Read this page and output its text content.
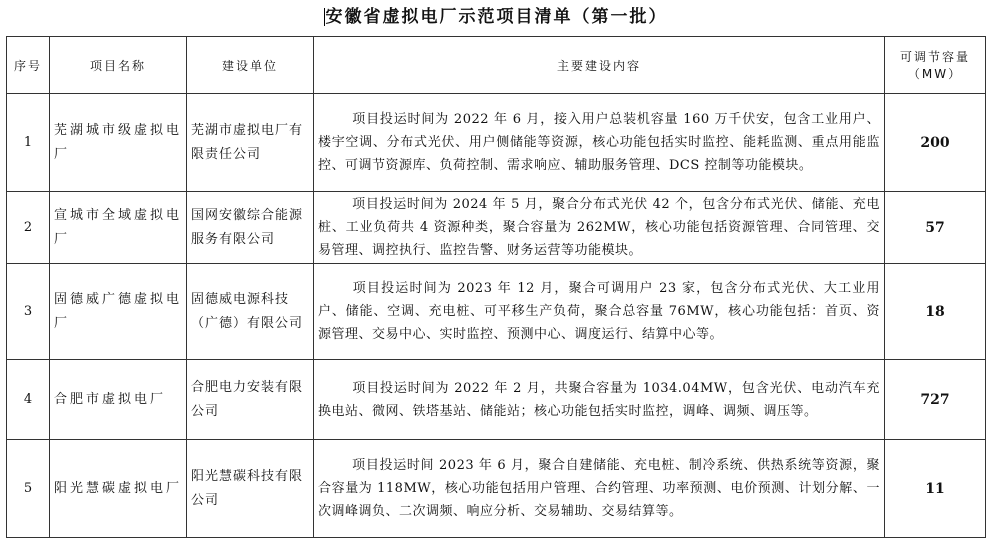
安徽省虚拟电厂示范项目清单（第一批）
序号	项目名称	建设单位	主要建设内容	可调节容量（MW）
1	芜湖城市级虚拟电厂	芜湖市虚拟电厂有限责任公司	项目投运时间为 2022 年 6 月，接入用户总装机容量 160 万千伏安，包含工业用户、楼宇空调、分布式光伏、用户侧储能等资源，核心功能包括实时监控、能耗监测、重点用能监控、可调节资源库、负荷控制、需求响应、辅助服务管理、DCS 控制等功能模块。	200
2	宣城市全域虚拟电厂	国网安徽综合能源服务有限公司	项目投运时间为 2024 年 5 月，聚合分布式光伏 42 个，包含分布式光伏、储能、充电桩、工业负荷共 4 资源种类，聚合容量为 262MW，核心功能包括资源管理、合同管理、交易管理、调控执行、监控告警、财务运营等功能模块。	57
3	固德威广德虚拟电厂	固德威电源科技（广德）有限公司	项目投运时间为 2023 年 12 月，聚合可调用户 23 家，包含分布式光伏、大工业用户、储能、空调、充电桩、可平移生产负荷，聚合总容量 76MW，核心功能包括：首页、资源管理、交易中心、实时监控、预测中心、调度运行、结算中心等。	18
4	合肥市虚拟电厂	合肥电力安装有限公司	项目投运时间为 2022 年 2 月，共聚合容量为 1034.04MW，包含光伏、电动汽车充换电站、微网、铁塔基站、储能站；核心功能包括实时监控，调峰、调频、调压等。	727
5	阳光慧碳虚拟电厂	阳光慧碳科技有限公司	项目投运时间 2023 年 6 月，聚合自建储能、充电桩、制冷系统、供热系统等资源，聚合容量为 118MW，核心功能包括用户管理、合约管理、功率预测、电价预测、计划分解、一次调峰调负、二次调频、响应分析、交易辅助、交易结算等。	11
